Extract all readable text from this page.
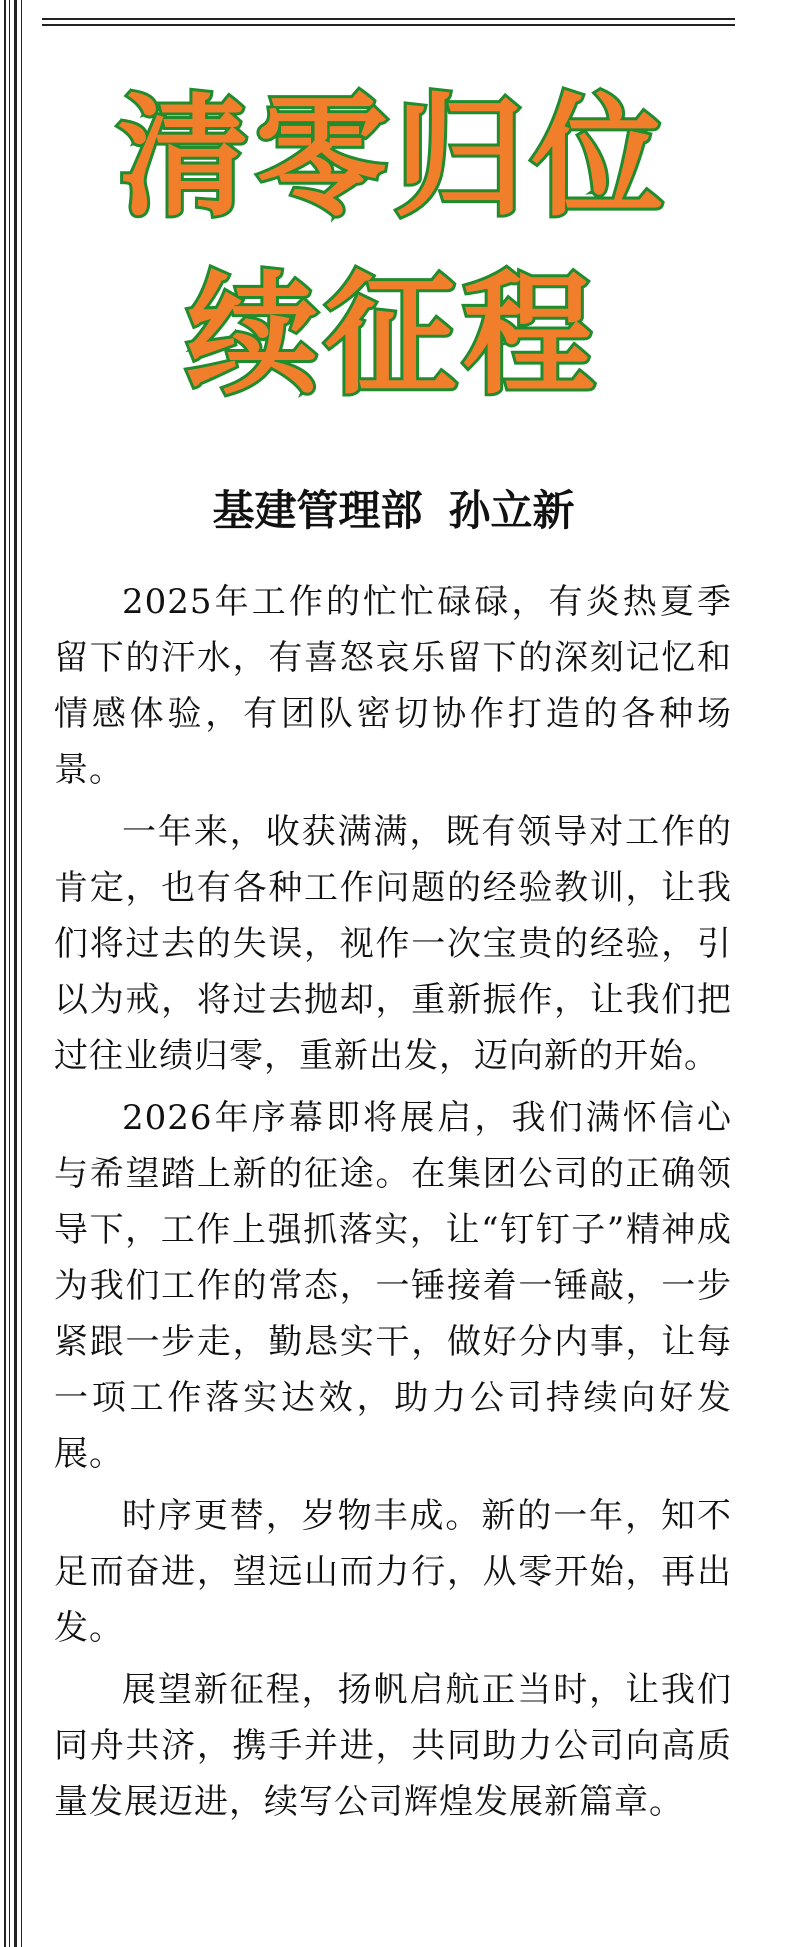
清零归位
续征程
基建管理部 孙立新

2025年工作的忙忙碌碌，有炎热夏季留下的汗水，有喜怒哀乐留下的深刻记忆和情感体验，有团队密切协作打造的各种场景。

一年来，收获满满，既有领导对工作的肯定，也有各种工作问题的经验教训，让我们将过去的失误，视作一次宝贵的经验，引以为戒，将过去抛却，重新振作，让我们把过往业绩归零，重新出发，迈向新的开始。

2026年序幕即将展启，我们满怀信心与希望踏上新的征途。在集团公司的正确领导下，工作上强抓落实，让“钉钉子”精神成为我们工作的常态，一锤接着一锤敲，一步紧跟一步走，勤恳实干，做好分内事，让每一项工作落实达效，助力公司持续向好发展。

时序更替，岁物丰成。新的一年，知不足而奋进，望远山而力行，从零开始，再出发。

展望新征程，扬帆启航正当时，让我们同舟共济，携手并进，共同助力公司向高质量发展迈进，续写公司辉煌发展新篇章。
